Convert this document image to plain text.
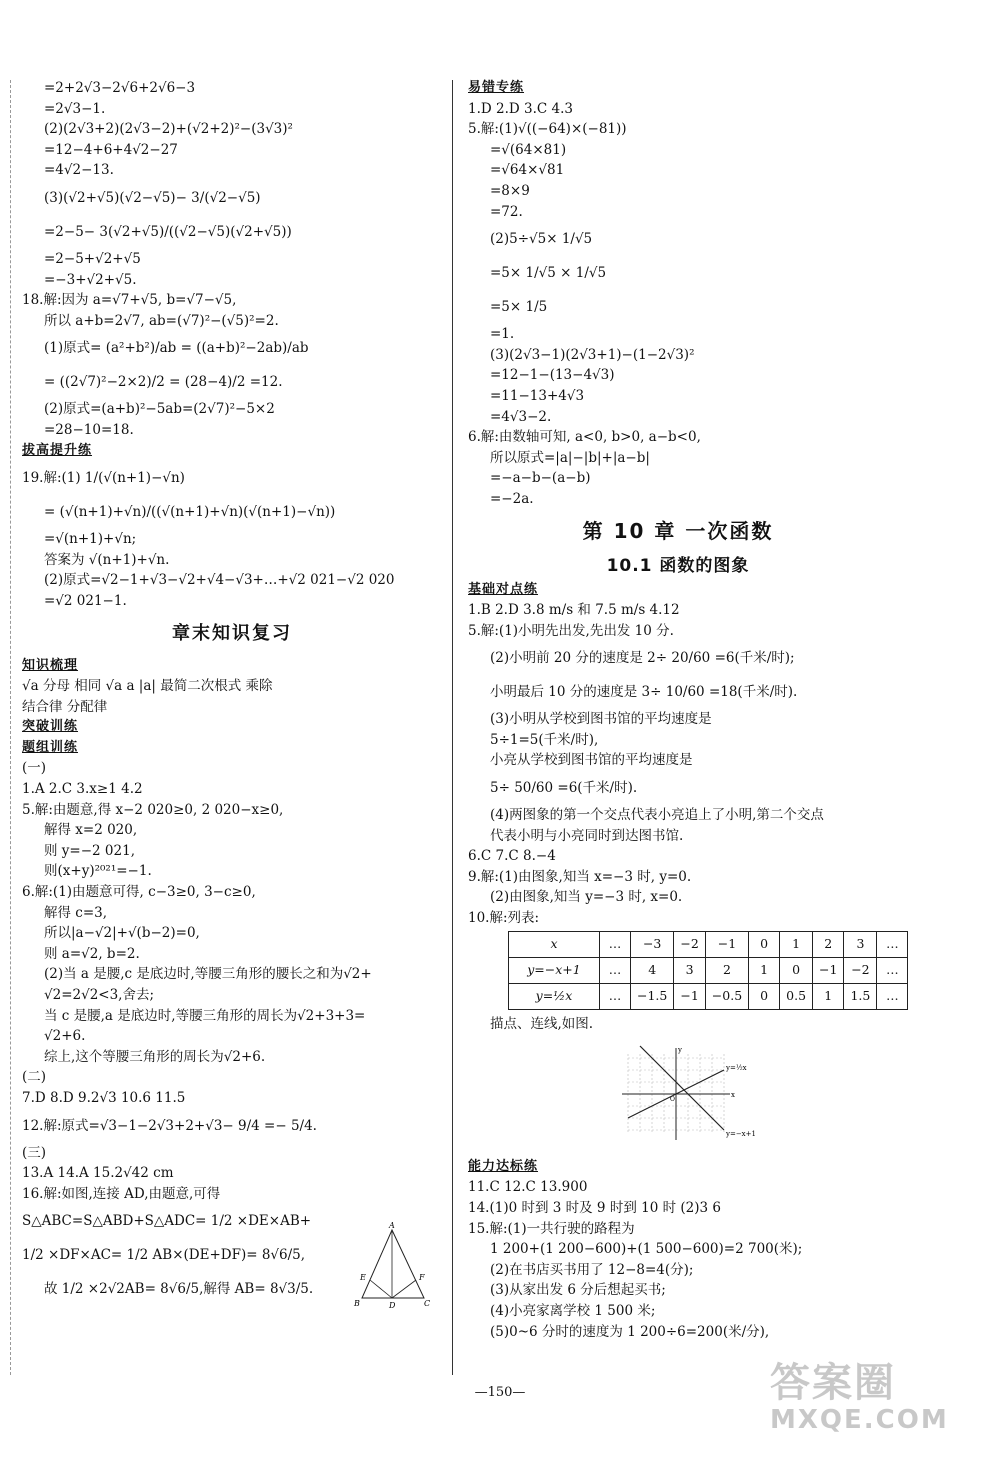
=2+2√3−2√6+2√6−3
=2√3−1.
(2)(2√3+2)(2√3−2)+(√2+2)²−(3√3)²
=12−4+6+4√2−27
=4√2−13.
(3)(√2+√5)(√2−√5)− 3/(√2−√5)
=2−5− 3(√2+√5)/((√2−√5)(√2+√5))
=2−5+√2+√5
=−3+√2+√5.
18.解:因为 a=√7+√5, b=√7−√5,
所以 a+b=2√7, ab=(√7)²−(√5)²=2.
(1)原式= (a²+b²)/ab = ((a+b)²−2ab)/ab
= ((2√7)²−2×2)/2 = (28−4)/2 =12.
(2)原式=(a+b)²−5ab=(2√7)²−5×2
=28−10=18.
拔高提升练
19.解:(1) 1/(√(n+1)−√n)
= (√(n+1)+√n)/((√(n+1)+√n)(√(n+1)−√n))
=√(n+1)+√n;
答案为 √(n+1)+√n.
(2)原式=√2−1+√3−√2+√4−√3+…+√2 021−√2 020
=√2 021−1.
章末知识复习
知识梳理
√a 分母 相同 √a a |a| 最简二次根式 乘除
结合律 分配律
突破训练
题组训练
(一)
1.A 2.C 3.x≥1 4.2
5.解:由题意,得 x−2 020≥0, 2 020−x≥0,
解得 x=2 020,
则 y=−2 021,
则(x+y)²⁰²¹=−1.
6.解:(1)由题意可得, c−3≥0, 3−c≥0,
解得 c=3,
所以|a−√2|+√(b−2)=0,
则 a=√2, b=2.
(2)当 a 是腰,c 是底边时,等腰三角形的腰长之和为√2+
√2=2√2<3,舍去;
当 c 是腰,a 是底边时,等腰三角形的周长为√2+3+3=
√2+6.
综上,这个等腰三角形的周长为√2+6.
(二)
7.D 8.D 9.2√3 10.6 11.5
12.解:原式=√3−1−2√3+2+√3− 9/4 =− 5/4.
(三)
13.A 14.A 15.2√42 cm
16.解:如图,连接 AD,由题意,可得
S△ABC=S△ABD+S△ADC= 1/2 ×DE×AB+
1/2 ×DF×AC= 1/2 AB×(DE+DF)= 8√6/5,
故 1/2 ×2√2AB= 8√6/5,解得 AB= 8√3/5.
易错专练
1.D 2.D 3.C 4.3
5.解:(1)√((−64)×(−81))
=√(64×81)
=√64×√81
=8×9
=72.
(2)5÷√5× 1/√5
=5× 1/√5 × 1/√5
=5× 1/5
=1.
(3)(2√3−1)(2√3+1)−(1−2√3)²
=12−1−(13−4√3)
=11−13+4√3
=4√3−2.
6.解:由数轴可知, a<0, b>0, a−b<0,
所以原式=|a|−|b|+|a−b|
=−a−b−(a−b)
=−2a.
第 10 章 一次函数
10.1 函数的图象
基础对点练
1.B 2.D 3.8 m/s 和 7.5 m/s 4.12
5.解:(1)小明先出发,先出发 10 分.
(2)小明前 20 分的速度是 2÷ 20/60 =6(千米/时);
小明最后 10 分的速度是 3÷ 10/60 =18(千米/时).
(3)小明从学校到图书馆的平均速度是
5÷1=5(千米/时),
小亮从学校到图书馆的平均速度是
5÷ 50/60 =6(千米/时).
(4)两图象的第一个交点代表小亮追上了小明,第二个交点
代表小明与小亮同时到达图书馆.
6.C 7.C 8.−4
9.解:(1)由图象,知当 x=−3 时, y=0.
(2)由图象,知当 y=−3 时, x=0.
10.解:列表:
x	…	−3	−2	−1	0	1	2	3	…
y=−x+1	…	4	3	2	1	0	−1	−2	…
y=½x	…	−1.5	−1	−0.5	0	0.5	1	1.5	…
描点、连线,如图.
y=½x
y=−x+1
x
y
O
能力达标练
11.C 12.C 13.900
14.(1)0 时到 3 时及 9 时到 10 时 (2)3 6
15.解:(1)一共行驶的路程为
1 200+(1 200−600)+(1 500−600)=2 700(米);
(2)在书店买书用了 12−8=4(分);
(3)从家出发 6 分后想起买书;
(4)小亮家离学校 1 500 米;
(5)0~6 分时的速度为 1 200÷6=200(米/分),
A
B	C
D
E	F
—150—	答案圈
MXQE.COM
